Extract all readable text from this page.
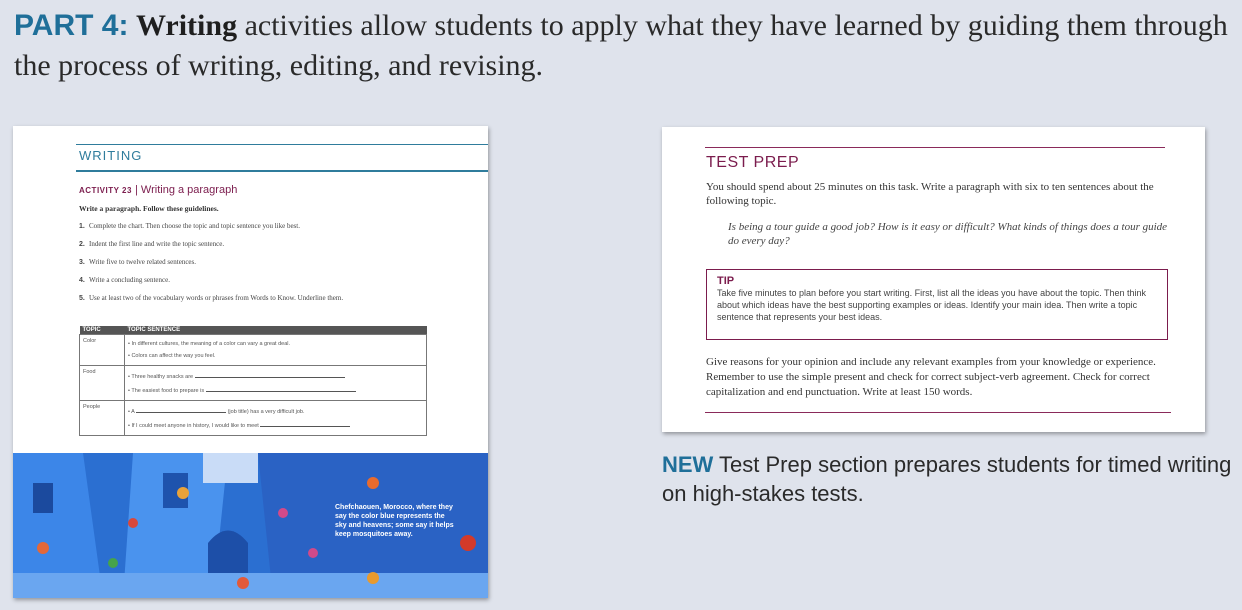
PART 4: Writing activities allow students to apply what they have learned by guiding them through the process of writing, editing, and revising.
WRITING
ACTIVITY 23 | Writing a paragraph
Write a paragraph. Follow these guidelines.
1. Complete the chart. Then choose the topic and topic sentence you like best.
2. Indent the first line and write the topic sentence.
3. Write five to twelve related sentences.
4. Write a concluding sentence.
5. Use at least two of the vocabulary words or phrases from Words to Know. Underline them.
TOPIC	TOPIC SENTENCE
Color	• In different cultures, the meaning of a color can vary a great deal.
• Colors can affect the way you feel.

Food	• Three healthy snacks are
• The easiest food to prepare is

People	• A (job title) has a very difficult job.
• If I could meet anyone in history, I would like to meet
Chefchaouen, Morocco, where they say the color blue represents the sky and heavens; some say it helps keep mosquitoes away.
TEST PREP
You should spend about 25 minutes on this task. Write a paragraph with six to ten sentences about the following topic.
Is being a tour guide a good job? How is it easy or difficult? What kinds of things does a tour guide do every day?
TIP
Take five minutes to plan before you start writing. First, list all the ideas you have about the topic. Then think about which ideas have the best supporting examples or ideas. Identify your main idea. Then write a topic sentence that represents your best ideas.
Give reasons for your opinion and include any relevant examples from your knowledge or experience. Remember to use the simple present and check for correct subject-verb agreement. Check for correct capitalization and end punctuation. Write at least 150 words.
NEW Test Prep section prepares students for timed writing on high-stakes tests.
